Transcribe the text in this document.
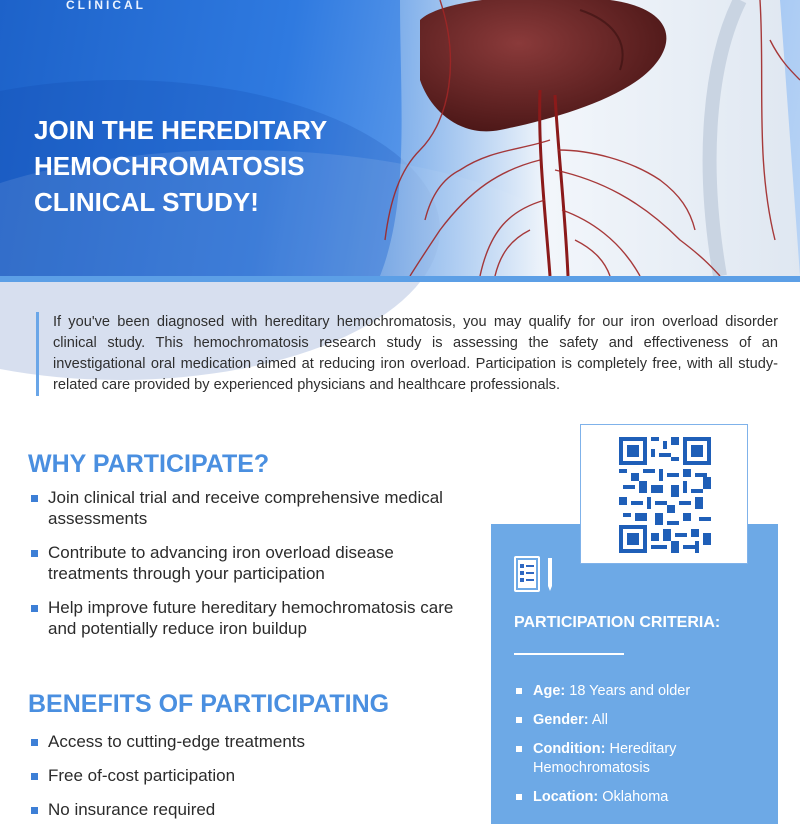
CLINICAL
JOIN THE HEREDITARY
HEMOCHROMATOSIS
CLINICAL STUDY!
If you've been diagnosed with hereditary hemochromatosis, you may qualify for our iron overload disorder clinical study. This hemochromatosis research study is assessing the safety and effectiveness of an investigational oral medication aimed at reducing iron overload. Participation is completely free, with all study-related care provided by experienced physicians and healthcare professionals.
WHY PARTICIPATE?
Join clinical trial and receive comprehensive medical assessments
Contribute to advancing iron overload disease treatments through your participation
Help improve future hereditary hemochromatosis care and potentially reduce iron buildup
BENEFITS OF PARTICIPATING
Access to cutting-edge treatments
Free of-cost participation
No insurance required
PARTICIPATION CRITERIA:
Age: 18 Years and older
Gender: All
Condition: Hereditary Hemochromatosis
Location: Oklahoma
